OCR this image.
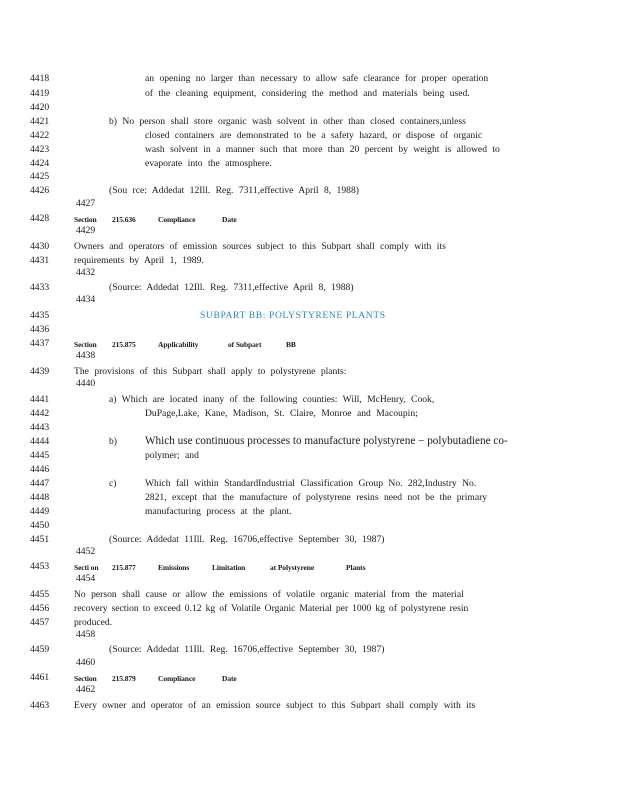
4418	an opening no larger than necessary to allow safe clearance for proper operation
4419	of the cleaning equipment, considering the method and materials being used.
4420
4421	b) No person shall store organic wash solvent in other than closed containers,unless
4422	closed containers are demonstrated to be a safety hazard, or dispose of organic
4423	wash solvent in a manner such that more than 20 percent by weight is allowed to
4424	evaporate into the atmosphere.
4425
4426	(Sou rce: Addedat 12Ill. Reg. 7311,effective April 8, 1988)
4427
4428	Section 215.636	Compliance	Date
4429
4430	Owners and operators of emission sources subject to this Subpart shall comply with its
4431	requirements by April 1, 1989.
4432
4433	(Source: Addedat 12Ill. Reg. 7311,effective April 8, 1988)
4434
4435	SUBPART BB: POLYSTYRENE PLANTS
4436
4437	Section 215.875	Applicability	of Subpart	BB
4438
4439	The provisions of this Subpart shall apply to polystyrene plants:
4440
4441	a) Which are located inany of the following counties: Will, McHenry, Cook,
4442	DuPage,Lake, Kane, Madison, St. Claire, Monroe and Macoupin;
4443
4444	b)	Which use continuous processes to manufacture polystyrene − polybutadiene co-
4445	polymer; and
4446
4447	c)	Which fall within StandardIndustrial Classification Group No. 282,Industry No.
4448	2821, except that the manufacture of polystyrene resins need not be the primary
4449	manufacturing process at the plant.
4450
4451	(Source: Addedat 11Ill. Reg. 16706,effective September 30, 1987)
4452
4453	Secti on 215.877	Emissions	Limitation	at Polystyrene	Plants
4454
4455	No person shall cause or allow the emissions of volatile organic material from the material
4456	recovery section to exceed 0.12 kg of Volatile Organic Material per 1000 kg of polystyrene resin
4457	produced.
4458
4459	(Source: Addedat 11Ill. Reg. 16706,effective September 30, 1987)
4460
4461	Section 215.879	Compliance	Date
4462
4463	Every owner and operator of an emission source subject to this Subpart shall comply with its
